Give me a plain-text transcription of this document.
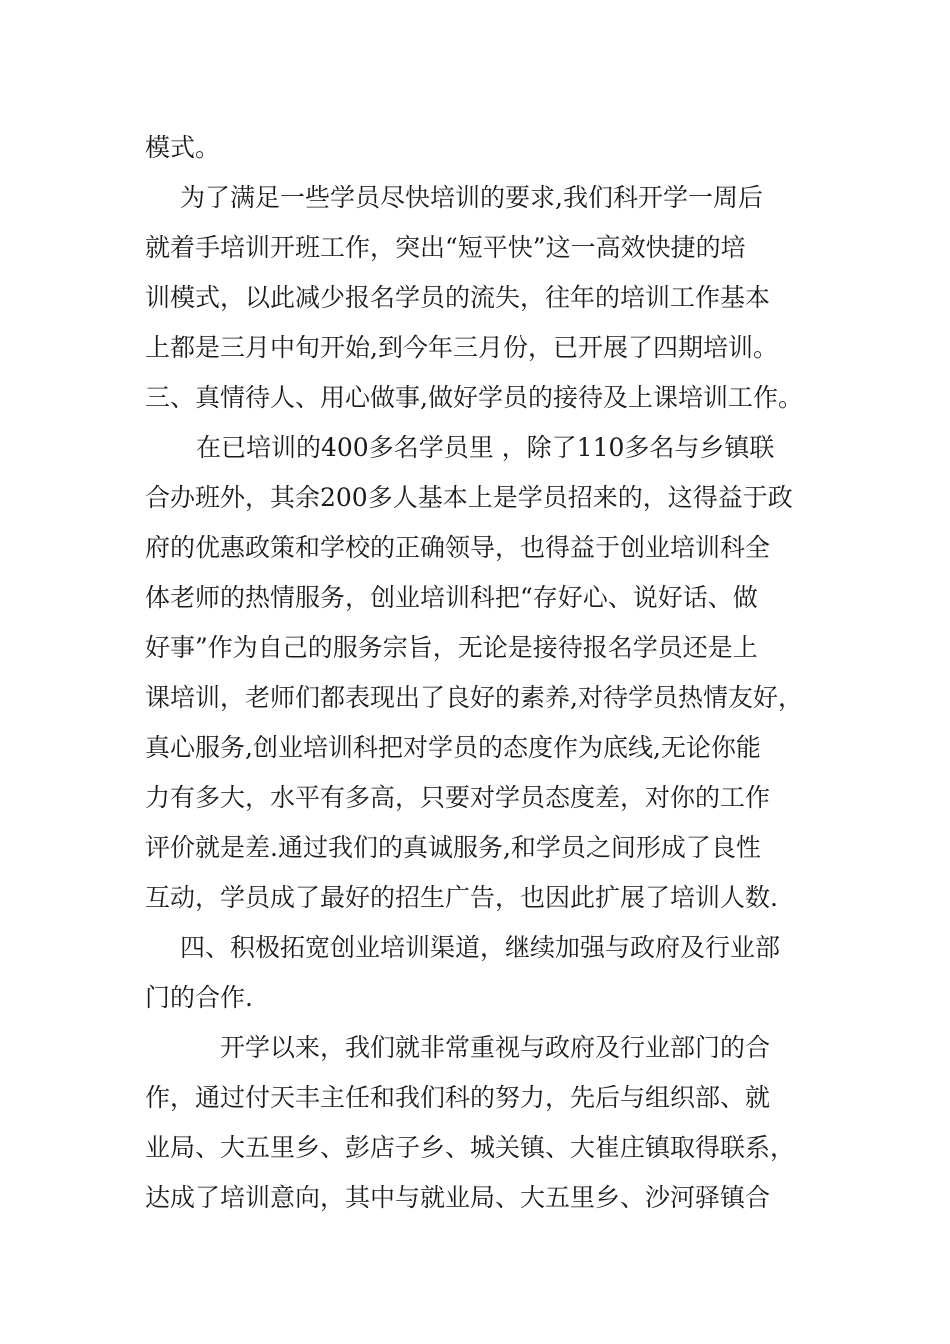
模式。
为了满足一些学员尽快培训的要求,我们科开学一周后
就着手培训开班工作，突出“短平快”这一高效快捷的培
训模式，以此减少报名学员的流失，往年的培训工作基本
上都是三月中旬开始,到今年三月份，已开展了四期培训。
三、真情待人、用心做事,做好学员的接待及上课培训工作。
在已培训的400多名学员里 ，除了110多名与乡镇联
合办班外，其余200多人基本上是学员招来的，这得益于政
府的优惠政策和学校的正确领导，也得益于创业培训科全
体老师的热情服务，创业培训科把“存好心、说好话、做
好事”作为自己的服务宗旨，无论是接待报名学员还是上
课培训，老师们都表现出了良好的素养,对待学员热情友好，
真心服务,创业培训科把对学员的态度作为底线,无论你能
力有多大，水平有多高，只要对学员态度差，对你的工作
评价就是差.通过我们的真诚服务,和学员之间形成了良性
互动，学员成了最好的招生广告，也因此扩展了培训人数.
四、积极拓宽创业培训渠道，继续加强与政府及行业部
门的合作.
开学以来，我们就非常重视与政府及行业部门的合
作，通过付天丰主任和我们科的努力，先后与组织部、就
业局、大五里乡、彭店子乡、城关镇、大崔庄镇取得联系，
达成了培训意向，其中与就业局、大五里乡、沙河驿镇合
